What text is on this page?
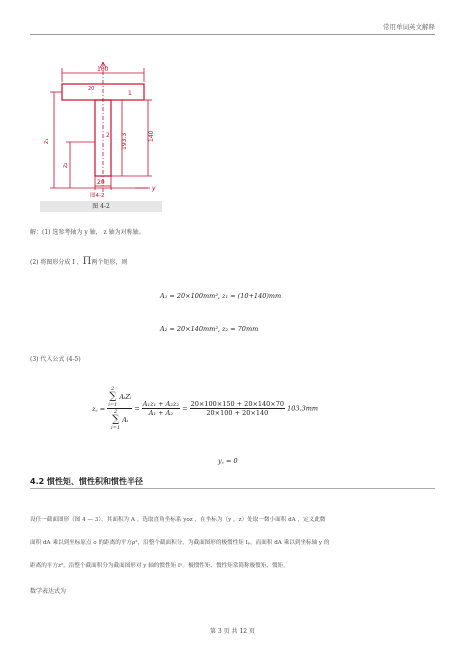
常用单词英文解释
100
1
2
图4-2
y
20
20
140
193.3
z₁
z₂
图 4-2
解：(1) 选参考轴为 y 轴， z 轴为对称轴。
(2) 将图形分成 I 、Π两个矩形，则
A₁ = 20×100mm², z₁ = (10+140)mm
A₂ = 20×140mm², z₂ = 70mm
(3) 代入公式 (4-5)
z꜀ = 2
∑
i=1
AᵢZᵢ
2
∑
i=1
Aᵢ = $\frac{\text{A₁z₁ + A₂z₂}}{\text{A₁ + A₂}} = \frac{20\times 100\times 150 + 20\times 140\times 70}{20\times 100 + 20\times 140} 103.3mm$
y꜀ = 0
4.2 惯性矩、惯性积和惯性半径
设任一截面图形（图 4 — 3），其面积为 A 。选取直角坐标系 yoz ，在坐标为（y ，z）处取一微小面积 dA ，定义此微
面积 dA 乘以到坐标原点 o 的距离的平方ρ²，沿整个截面积分，为截面图形的极惯性矩 Iₚ。而面积 dA 乘以到坐标轴 y 的
距离的平方z²，沿整个截面积分为截面图形对 y 轴的惯性矩 Iʸ。极惯性矩、惯性矩常简称极惯矩、惯矩。
数学表达式为
第 3 页 共 12 页
